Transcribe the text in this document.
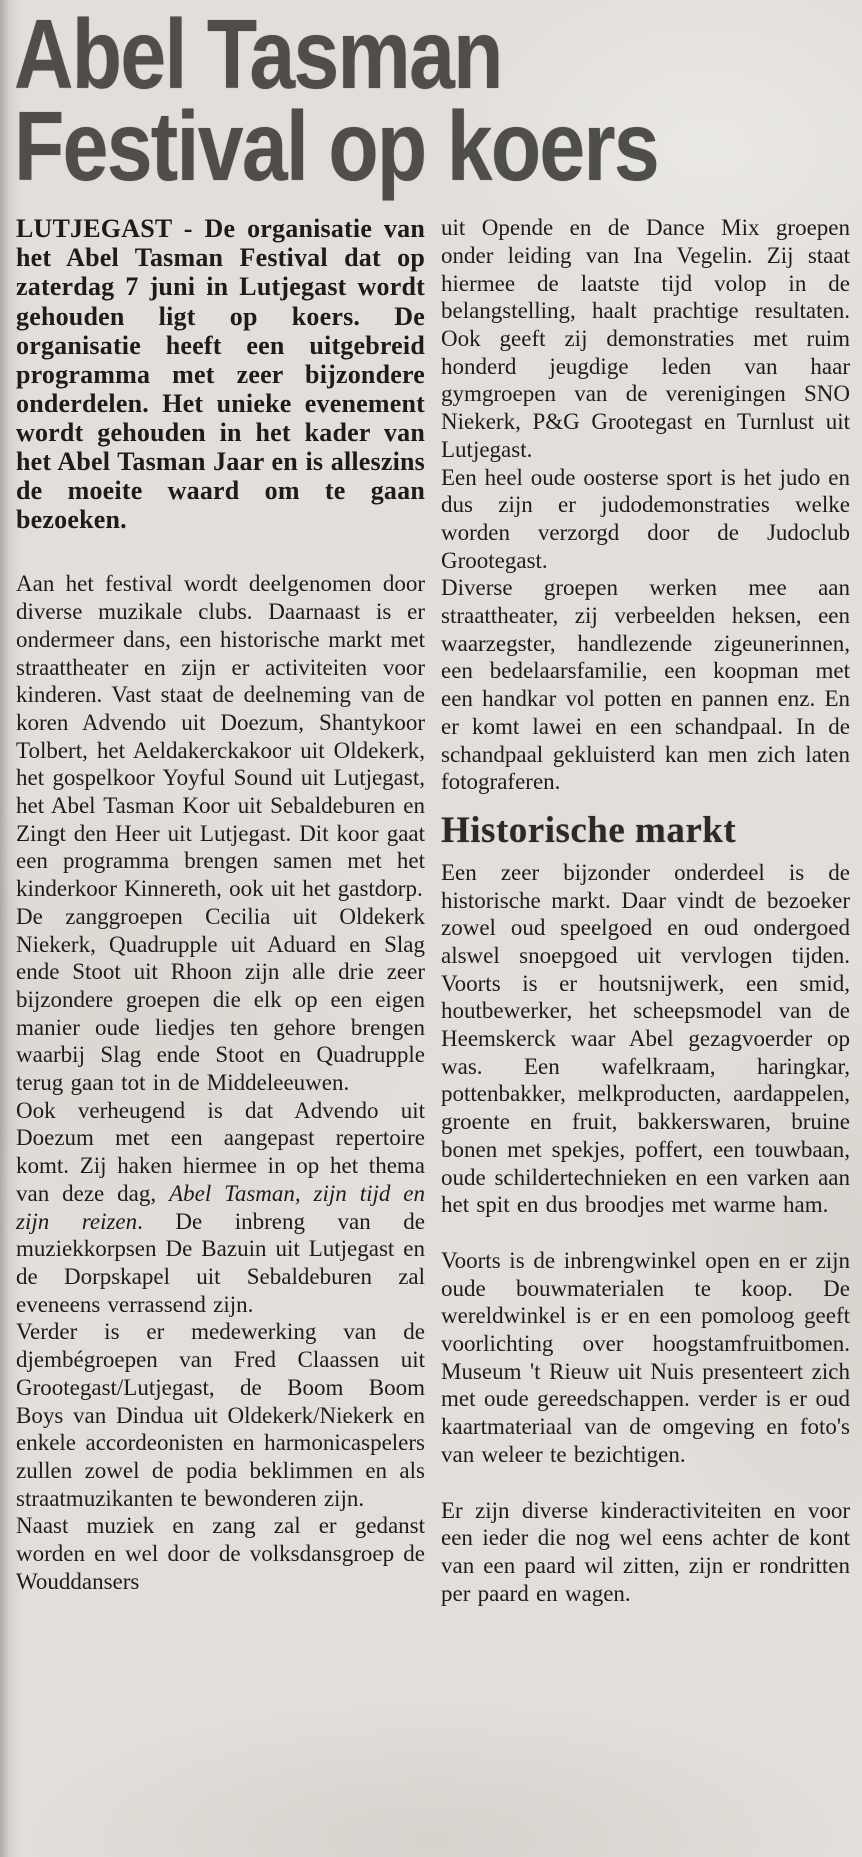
Abel Tasman
Festival op koers

LUTJEGAST - De organisatie van het Abel Tasman Festival dat op zaterdag 7 juni in Lutjegast wordt gehouden ligt op koers. De organisatie heeft een uitgebreid programma met zeer bijzondere onderdelen. Het unieke evenement wordt gehouden in het kader van het Abel Tasman Jaar en is alleszins de moeite waard om te gaan bezoeken.

Aan het festival wordt deelgenomen door diverse muzikale clubs. Daarnaast is er ondermeer dans, een historische markt met straattheater en zijn er activiteiten voor kinderen. Vast staat de deelneming van de koren Advendo uit Doezum, Shantykoor Tolbert, het Aeldakerckakoor uit Oldekerk, het gospelkoor Yoyful Sound uit Lutjegast, het Abel Tasman Koor uit Sebaldeburen en Zingt den Heer uit Lutjegast. Dit koor gaat een programma brengen samen met het kinderkoor Kinnereth, ook uit het gastdorp.

De zanggroepen Cecilia uit Oldekerk Niekerk, Quadrupple uit Aduard en Slag ende Stoot uit Rhoon zijn alle drie zeer bijzondere groepen die elk op een eigen manier oude liedjes ten gehore brengen waarbij Slag ende Stoot en Quadrupple terug gaan tot in de Middeleeuwen.

Ook verheugend is dat Advendo uit Doezum met een aangepast repertoire komt. Zij haken hiermee in op het thema van deze dag, Abel Tasman, zijn tijd en zijn reizen. De inbreng van de muziekkorpsen De Bazuin uit Lutjegast en de Dorpskapel uit Sebaldeburen zal eveneens verrassend zijn.

Verder is er medewerking van de djembégroepen van Fred Claassen uit Grootegast/Lutjegast, de Boom Boom Boys van Dindua uit Oldekerk/Niekerk en enkele accordeonisten en harmonicaspelers zullen zowel de podia beklimmen en als straatmuzikanten te bewonderen zijn.

Naast muziek en zang zal er gedanst worden en wel door de volksdansgroep de Wouddansers

uit Opende en de Dance Mix groepen onder leiding van Ina Vegelin. Zij staat hiermee de laatste tijd volop in de belangstelling, haalt prachtige resultaten. Ook geeft zij demonstraties met ruim honderd jeugdige leden van haar gymgroepen van de verenigingen SNO Niekerk, P&G Grootegast en Turnlust uit Lutjegast.

Een heel oude oosterse sport is het judo en dus zijn er judodemonstraties welke worden verzorgd door de Judoclub Grootegast.

Diverse groepen werken mee aan straattheater, zij verbeelden heksen, een waarzegster, handlezende zigeunerinnen, een bedelaarsfamilie, een koopman met een handkar vol potten en pannen enz. En er komt lawei en een schandpaal. In de schandpaal gekluisterd kan men zich laten fotograferen.

Historische markt

Een zeer bijzonder onderdeel is de historische markt. Daar vindt de bezoeker zowel oud speelgoed en oud ondergoed alswel snoepgoed uit vervlogen tijden. Voorts is er houtsnijwerk, een smid, houtbewerker, het scheepsmodel van de Heemskerck waar Abel gezagvoerder op was. Een wafelkraam, haringkar, pottenbakker, melkproducten, aardappelen, groente en fruit, bakkerswaren, bruine bonen met spekjes, poffert, een touwbaan, oude schildertechnieken en een varken aan het spit en dus broodjes met warme ham.

Voorts is de inbrengwinkel open en er zijn oude bouwmaterialen te koop. De wereldwinkel is er en een pomoloog geeft voorlichting over hoogstamfruitbomen. Museum 't Rieuw uit Nuis presenteert zich met oude gereedschappen. verder is er oud kaartmateriaal van de omgeving en foto's van weleer te bezichtigen.

Er zijn diverse kinderactiviteiten en voor een ieder die nog wel eens achter de kont van een paard wil zitten, zijn er rondritten per paard en wagen.
